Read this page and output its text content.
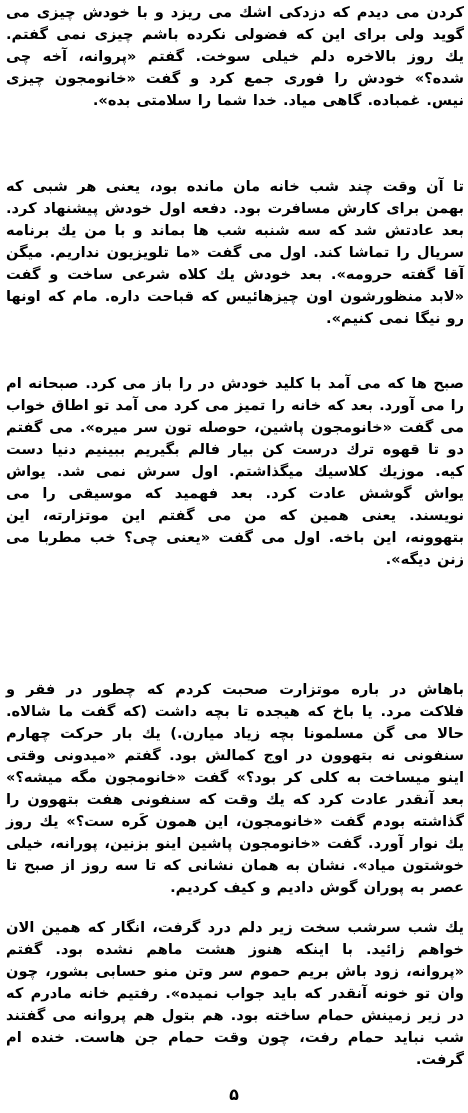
کردن می دیدم که دزدکی اشك می ریزد و با خودش چیزی می گوید ولی برای این که فضولی نکرده باشم چیزی نمی گفتم. یك روز بالاخره دلم خیلی سوخت. گفتم «پروانه، آخه چی شده؟» خودش را فوری جمع کرد و گفت «خانومجون چیزی نیس. غمباده. گاهی میاد. خدا شما را سلامتی بده».

تا آن وقت چند شب خانه مان مانده بود، یعنی هر شبی که بهمن برای کارش مسافرت بود. دفعه اول خودش پیشنهاد کرد. بعد عادتش شد که سه شنبه شب ها بماند و با من یك برنامه سریال را تماشا کند. اول می گفت «ما تلویزیون نداریم. میگن آقا گفته حرومه». بعد خودش یك کلاه شرعی ساخت و گفت «لابد منظورشون اون چیزهائیس که قباحت داره. مام که اونها رو نیگا نمی کنیم».

صبح ها که می آمد با کلید خودش در را باز می کرد. صبحانه ام را می آورد. بعد که خانه را تمیز می کرد می آمد تو اطاق خواب می گفت «خانومجون پاشین، حوصله تون سر میره». می گفتم دو تا قهوه ترك درست کن بیار فالم بگیریم ببینیم دنیا دست کیه. موزیك کلاسیك میگذاشتم. اول سرش نمی شد. یواش یواش گوشش عادت کرد. بعد فهمید که موسیقی را می نویسند. یعنی همین که من می گفتم این موتزارته، این بتهوونه، این باخه. اول می گفت «یعنی چی؟ خب مطربا می زنن دیگه».

باهاش در باره موتزارت صحبت کردم که چطور در فقر و فلاکت مرد. یا باخ که هیجده تا بچه داشت (که گفت ما شالاه. حالا می گن مسلمونا بچه زیاد میارن.) یك بار حرکت چهارم سنفونی نه بتهوون در اوج کمالش بود. گفتم «میدونی وقتی اینو میساخت به کلی کر بود؟» گفت «خانومجون مگه میشه؟» بعد آنقدر عادت کرد که یك وقت که سنفونی هفت بتهوون را گذاشته بودم گفت «خانومجون، این همون کَره ست؟» یك روز یك نوار آورد. گفت «خانومجون پاشین اینو بزنین، پورانه، خیلی خوشتون میاد». نشان به همان نشانی که تا سه روز از صبح تا عصر به پوران گوش دادیم و کیف کردیم.

یك شب سرشب سخت زیر دلم درد گرفت، انگار که همین الان خواهم زائید. با اینکه هنوز هشت ماهم نشده بود. گفتم «پروانه، زود باش بریم حموم سر وتن منو حسابی بشور، چون وان تو خونه آنقدر که باید جواب نمیده». رفتیم خانه مادرم که در زیر زمینش حمام ساخته بود. هم بتول هم پروانه می گفتند شب نباید حمام رفت، چون وقت حمام جن هاست. خنده ام گرفت.

۵
